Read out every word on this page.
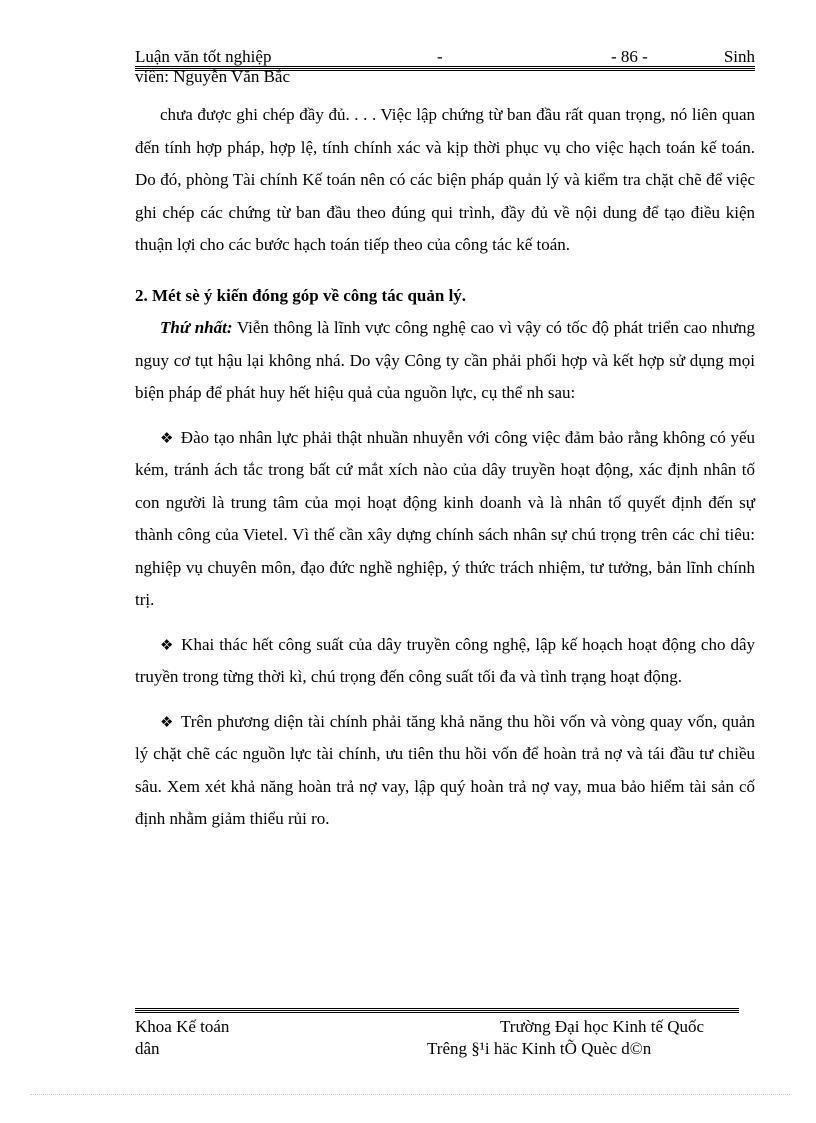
Luận văn tốt nghiệp	-	- 86 -	Sinh
viên: Nguyễn Văn Bắc

chưa được ghi chép đầy đủ. . . . Việc lập chứng từ ban đầu rất quan trọng, nó liên quan đến tính hợp pháp, hợp lệ, tính chính xác và kịp thời phục vụ cho việc hạch toán kế toán. Do đó, phòng Tài chính Kế toán nên có các biện pháp quản lý và kiểm tra chặt chẽ để việc ghi chép các chứng từ ban đầu theo đúng qui trình, đầy đủ về nội dung để tạo điều kiện thuận lợi cho các bước hạch toán tiếp theo của công tác kế toán.

2. Mét sè ý kiến đóng góp về công tác quản lý.

Thứ nhất: Viễn thông là lĩnh vực công nghệ cao vì vậy có tốc độ phát triển cao nhưng nguy cơ tụt hậu lại không nhá. Do vậy Công ty cần phải phối hợp và kết hợp sử dụng mọi biện pháp để phát huy hết hiệu quả của nguồn lực, cụ thể nh sau:

❖ Đào tạo nhân lực phải thật nhuần nhuyễn với công việc đảm bảo rằng không có yếu kém, tránh ách tắc trong bất cứ mắt xích nào của dây truyền hoạt động, xác định nhân tố con người là trung tâm của mọi hoạt động kinh doanh và là nhân tố quyết định đến sự thành công của Vietel. Vì thế cần xây dựng chính sách nhân sự chú trọng trên các chỉ tiêu: nghiệp vụ chuyên môn, đạo đức nghề nghiệp, ý thức trách nhiệm, tư tưởng, bản lĩnh chính trị.

❖ Khai thác hết công suất của dây truyền công nghệ, lập kế hoạch hoạt động cho dây truyền trong từng thời kì, chú trọng đến công suất tối đa và tình trạng hoạt động.

❖ Trên phương diện tài chính phải tăng khả năng thu hồi vốn và vòng quay vốn, quản lý chặt chẽ các nguồn lực tài chính, ưu tiên thu hồi vốn để hoàn trả nợ và tái đầu tư chiều sâu. Xem xét khả năng hoàn trả nợ vay, lập quý hoàn trả nợ vay, mua bảo hiểm tài sản cố định nhằm giảm thiểu rủi ro.

Khoa Kế toán	Trường Đại học Kinh tế Quốc
dân	Trêng §¹i häc Kinh tÕ Quèc d©n
